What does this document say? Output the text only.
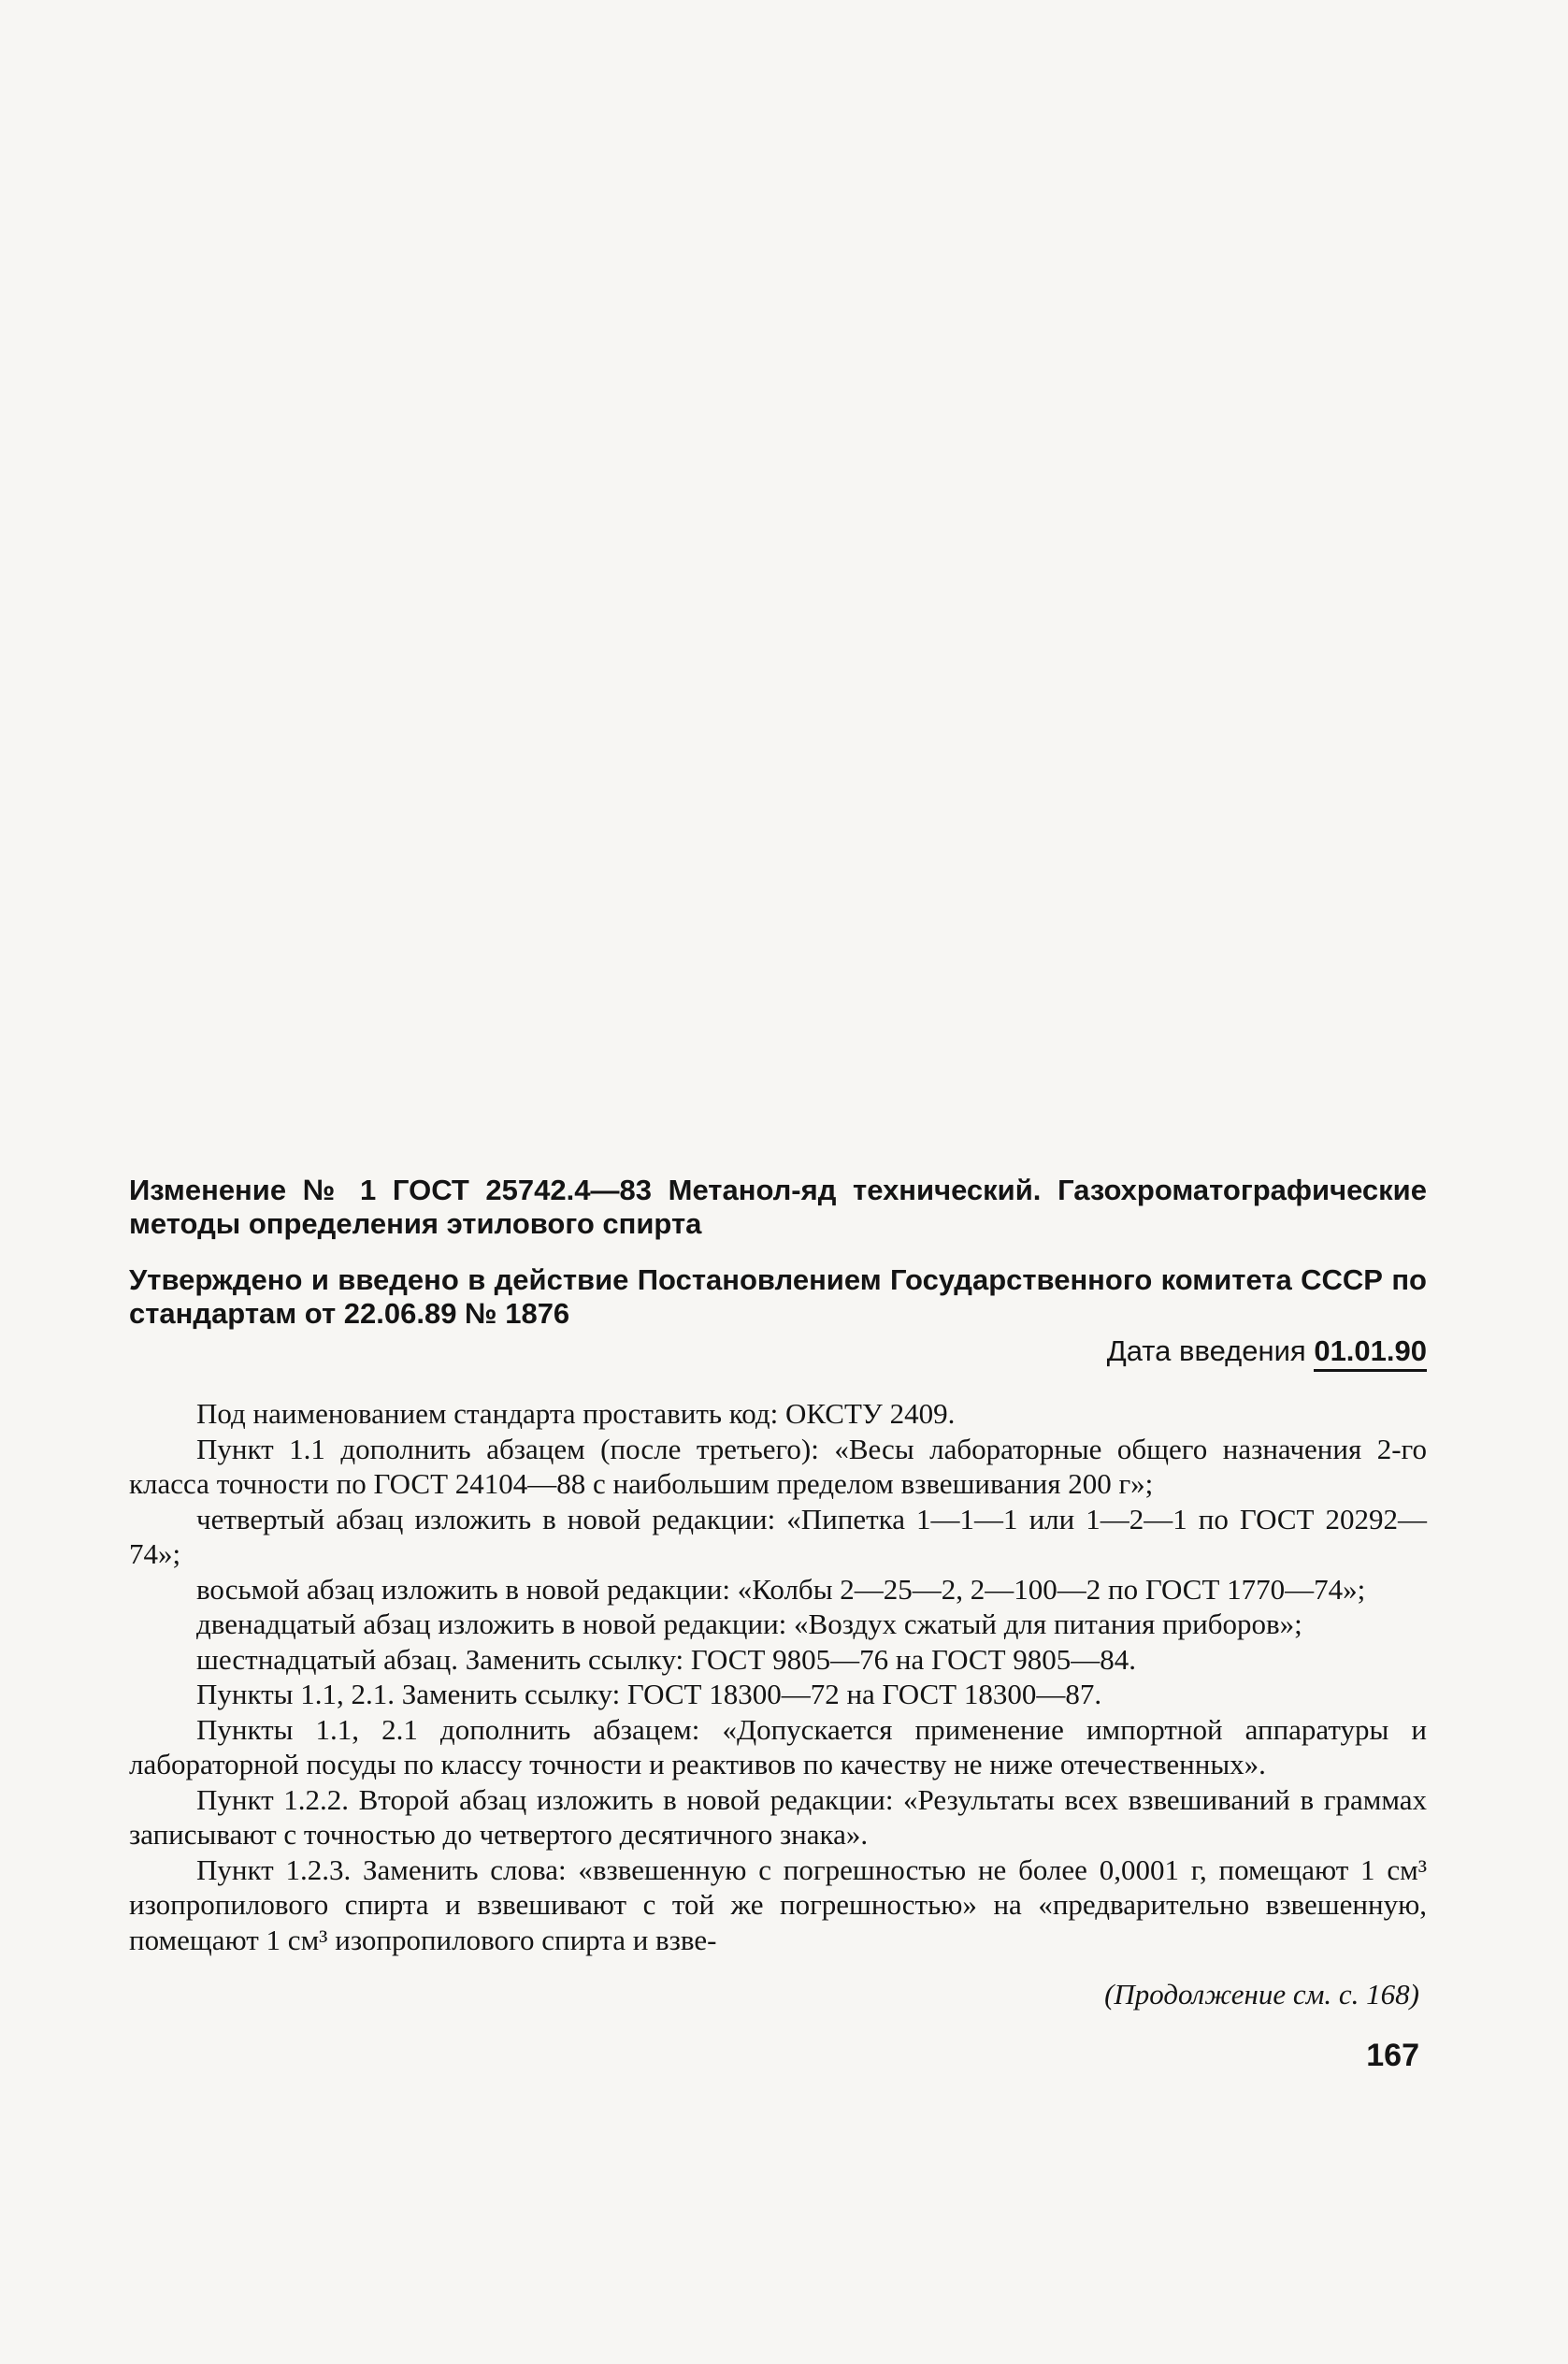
Изменение № 1 ГОСТ 25742.4—83 Метанол-яд технический. Газохроматографические методы определения этилового спирта

Утверждено и введено в действие Постановлением Государственного комитета СССР по стандартам от 22.06.89 № 1876

Дата введения 01.01.90

Под наименованием стандарта проставить код: ОКСТУ 2409.

Пункт 1.1 дополнить абзацем (после третьего): «Весы лабораторные общего назначения 2-го класса точности по ГОСТ 24104—88 с наибольшим пределом взвешивания 200 г»;

четвертый абзац изложить в новой редакции: «Пипетка 1—1—1 или 1—2—1 по ГОСТ 20292—74»;

восьмой абзац изложить в новой редакции: «Колбы 2—25—2, 2—100—2 по ГОСТ 1770—74»;

двенадцатый абзац изложить в новой редакции: «Воздух сжатый для питания приборов»;

шестнадцатый абзац. Заменить ссылку: ГОСТ 9805—76 на ГОСТ 9805—84.

Пункты 1.1, 2.1. Заменить ссылку: ГОСТ 18300—72 на ГОСТ 18300—87.

Пункты 1.1, 2.1 дополнить абзацем: «Допускается применение импортной аппаратуры и лабораторной посуды по классу точности и реактивов по качеству не ниже отечественных».

Пункт 1.2.2. Второй абзац изложить в новой редакции: «Результаты всех взвешиваний в граммах записывают с точностью до четвертого десятичного знака».

Пункт 1.2.3. Заменить слова: «взвешенную с погрешностью не более 0,0001 г, помещают 1 см³ изопропилового спирта и взвешивают с той же погрешностью» на «предварительно взвешенную, помещают 1 см³ изопропилового спирта и взве-

(Продолжение см. с. 168)
167
